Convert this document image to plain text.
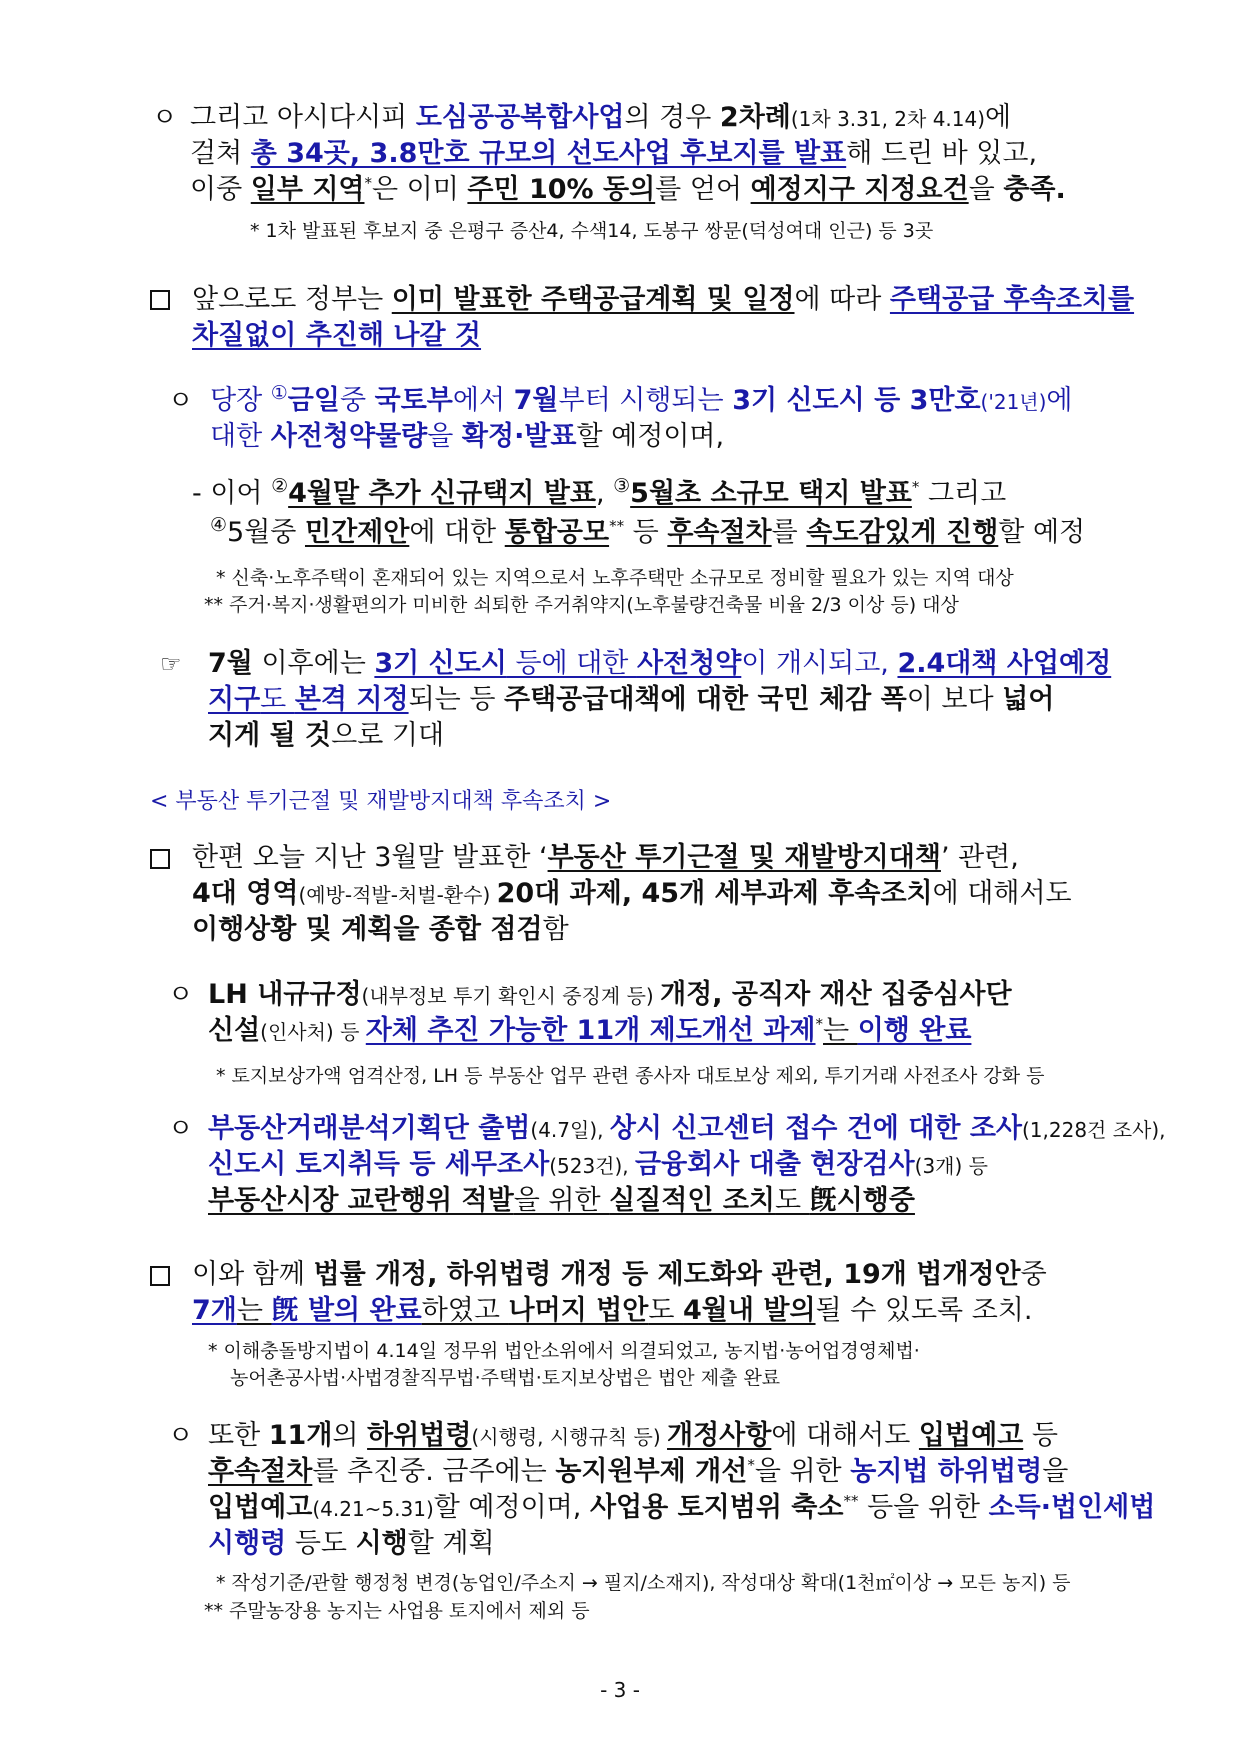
ㅇ 그리고 아시다시피 도심공공복합사업의 경우 2차례(1차 3.31, 2차 4.14)에
걸쳐 총 34곳, 3.8만호 규모의 선도사업 후보지를 발표해 드린 바 있고,
이중 일부 지역*은 이미 주민 10% 동의를 얻어 예정지구 지정요건을 충족.
* 1차 발표된 후보지 중 은평구 증산4, 수색14, 도봉구 쌍문(덕성여대 인근) 등 3곳
앞으로도 정부는 이미 발표한 주택공급계획 및 일정에 따라 주택공급 후속조치를
차질없이 추진해 나갈 것
ㅇ 당장 ①금일중 국토부에서 7월부터 시행되는 3기 신도시 등 3만호('21년)에
대한 사전청약물량을 확정·발표할 예정이며,
- 이어 ②4월말 추가 신규택지 발표, ③5월초 소규모 택지 발표* 그리고
④5월중 민간제안에 대한 통합공모** 등 후속절차를 속도감있게 진행할 예정
* 신축·노후주택이 혼재되어 있는 지역으로서 노후주택만 소규모로 정비할 필요가 있는 지역 대상
** 주거·복지·생활편의가 미비한 쇠퇴한 주거취약지(노후불량건축물 비율 2/3 이상 등) 대상
☞ 7월 이후에는 3기 신도시 등에 대한 사전청약이 개시되고, 2.4대책 사업예정
지구도 본격 지정되는 등 주택공급대책에 대한 국민 체감 폭이 보다 넓어
지게 될 것으로 기대
< 부동산 투기근절 및 재발방지대책 후속조치 >
한편 오늘 지난 3월말 발표한 ‘부동산 투기근절 및 재발방지대책’ 관련,
4대 영역(예방-적발-처벌-환수) 20대 과제, 45개 세부과제 후속조치에 대해서도
이행상황 및 계획을 종합 점검함
ㅇ LH 내규규정(내부정보 투기 확인시 중징계 등) 개정, 공직자 재산 집중심사단
신설(인사처) 등 자체 추진 가능한 11개 제도개선 과제*는 이행 완료
* 토지보상가액 엄격산정, LH 등 부동산 업무 관련 종사자 대토보상 제외, 투기거래 사전조사 강화 등
ㅇ 부동산거래분석기획단 출범(4.7일), 상시 신고센터 접수 건에 대한 조사(1,228건 조사),
신도시 토지취득 등 세무조사(523건), 금융회사 대출 현장검사(3개) 등
부동산시장 교란행위 적발을 위한 실질적인 조치도 旣시행중
이와 함께 법률 개정, 하위법령 개정 등 제도화와 관련, 19개 법개정안중
7개는 旣 발의 완료하였고 나머지 법안도 4월내 발의될 수 있도록 조치.
* 이해충돌방지법이 4.14일 정무위 법안소위에서 의결되었고, 농지법·농어업경영체법·
농어촌공사법·사법경찰직무법·주택법·토지보상법은 법안 제출 완료
ㅇ 또한 11개의 하위법령(시행령, 시행규칙 등) 개정사항에 대해서도 입법예고 등
후속절차를 추진중. 금주에는 농지원부제 개선*을 위한 농지법 하위법령을
입법예고(4.21~5.31)할 예정이며, 사업용 토지범위 축소** 등을 위한 소득·법인세법
시행령 등도 시행할 계획
* 작성기준/관할 행정청 변경(농업인/주소지 → 필지/소재지), 작성대상 확대(1천㎡이상 → 모든 농지) 등
** 주말농장용 농지는 사업용 토지에서 제외 등
- 3 -
